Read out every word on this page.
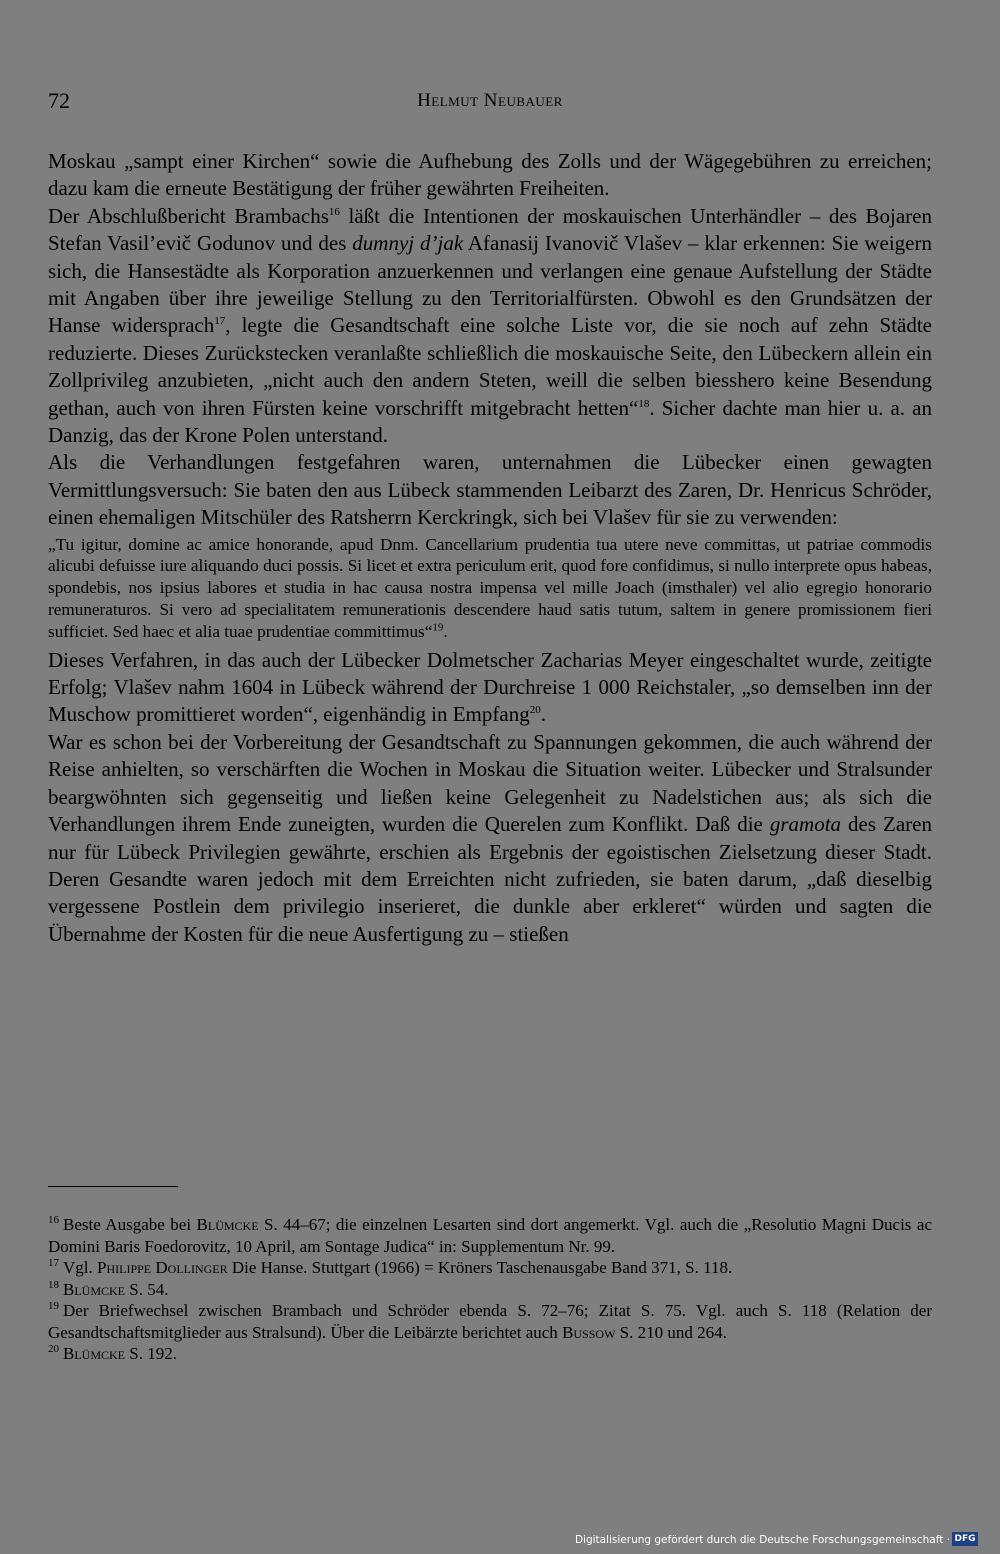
72	Helmut Neubauer

Moskau „sampt einer Kirchen“ sowie die Aufhebung des Zolls und der Wägegebühren zu erreichen; dazu kam die erneute Bestätigung der früher gewährten Freiheiten.

Der Abschlußbericht Brambachs$^{16}$ läßt die Intentionen der moskauischen Unterhändler – des Bojaren Stefan Vasil’evič Godunov und des dumnyj d’jak Afanasij Ivanovič Vlašev – klar erkennen: Sie weigern sich, die Hansestädte als Korporation anzuerkennen und verlangen eine genaue Aufstellung der Städte mit Angaben über ihre jeweilige Stellung zu den Territorialfürsten. Obwohl es den Grundsätzen der Hanse widersprach$^{17}$, legte die Gesandtschaft eine solche Liste vor, die sie noch auf zehn Städte reduzierte. Dieses Zurückstecken veranlaßte schließlich die moskauische Seite, den Lübeckern allein ein Zollprivileg anzubieten, „nicht auch den andern Steten, weill die selben biesshero keine Besendung gethan, auch von ihren Fürsten keine vorschrifft mitgebracht hetten“$^{18}$. Sicher dachte man hier u. a. an Danzig, das der Krone Polen unterstand.

Als die Verhandlungen festgefahren waren, unternahmen die Lübecker einen gewagten Vermittlungsversuch: Sie baten den aus Lübeck stammenden Leibarzt des Zaren, Dr. Henricus Schröder, einen ehemaligen Mitschüler des Ratsherrn Kerckringk, sich bei Vlašev für sie zu verwenden:

„Tu igitur, domine ac amice honorande, apud Dnm. Cancellarium prudentia tua utere neve committas, ut patriae commodis alicubi defuisse iure aliquando duci possis. Si licet et extra periculum erit, quod fore confidimus, si nullo interprete opus habeas, spondebis, nos ipsius labores et studia in hac causa nostra impensa vel mille Joach (imsthaler) vel alio egregio honorario remuneraturos. Si vero ad specialitatem remunerationis descendere haud satis tutum, saltem in genere promissionem fieri sufficiet. Sed haec et alia tuae prudentiae committimus“$^{19}$.

Dieses Verfahren, in das auch der Lübecker Dolmetscher Zacharias Meyer eingeschaltet wurde, zeitigte Erfolg; Vlašev nahm 1604 in Lübeck während der Durchreise 1 000 Reichstaler, „so demselben inn der Muschow promittieret worden“, eigenhändig in Empfang$^{20}$.

War es schon bei der Vorbereitung der Gesandtschaft zu Spannungen gekommen, die auch während der Reise anhielten, so verschärften die Wochen in Moskau die Situation weiter. Lübecker und Stralsunder beargwöhnten sich gegenseitig und ließen keine Gelegenheit zu Nadelstichen aus; als sich die Verhandlungen ihrem Ende zuneigten, wurden die Querelen zum Konflikt. Daß die gramota des Zaren nur für Lübeck Privilegien gewährte, erschien als Ergebnis der egoistischen Zielsetzung dieser Stadt. Deren Gesandte waren jedoch mit dem Erreichten nicht zufrieden, sie baten darum, „daß dieselbig vergessene Postlein dem privilegio inserieret, die dunkle aber erkleret“ würden und sagten die Übernahme der Kosten für die neue Ausfertigung zu – stießen

$^{16}$ Beste Ausgabe bei Blümcke S. 44–67; die einzelnen Lesarten sind dort angemerkt. Vgl. auch die „Resolutio Magni Ducis ac Domini Baris Foedorovitz, 10 April, am Sontage Judica“ in: Supplementum Nr. 99.

$^{17}$ Vgl. Philippe Dollinger Die Hanse. Stuttgart (1966) = Kröners Taschenausgabe Band 371, S. 118.

$^{18}$ Blümcke S. 54.

$^{19}$ Der Briefwechsel zwischen Brambach und Schröder ebenda S. 72–76; Zitat S. 75. Vgl. auch S. 118 (Relation der Gesandtschaftsmitglieder aus Stralsund). Über die Leibärzte berichtet auch Bussow S. 210 und 264.

$^{20}$ Blümcke S. 192.

Digitalisierung gefördert durch die Deutsche Forschungsgemeinschaft · DFG
